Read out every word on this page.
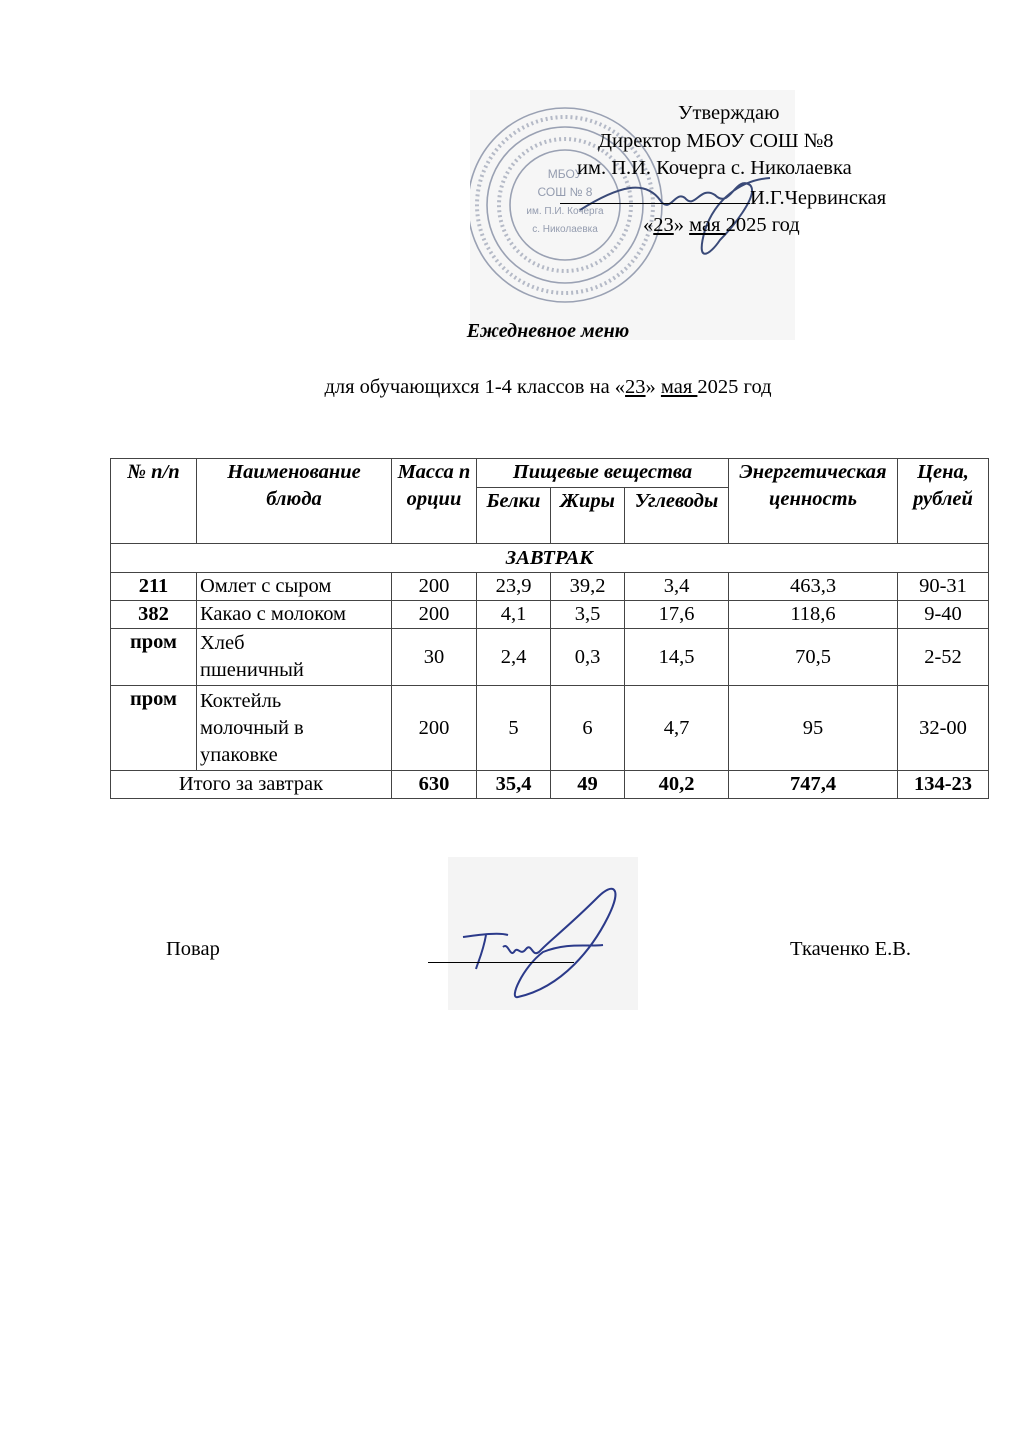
МБОУ
СОШ № 8
им. П.И. Кочерга
с. Николаевка
Утверждаю
Директор МБОУ СОШ №8
им. П.И. Кочерга с. Николаевка
И.Г.Червинская
«23» мая 2025 год
Ежедневное меню
для обучающихся 1-4 классов на «23» мая 2025 год
№ п/п	Наименование блюда	Масса порции	Пищевые вещества			Энергетическая ценность	Цена, рублей
			Белки	Жиры	Углеводы		
ЗАВТРАК							
211	Омлет с сыром	200	23,9	39,2	3,4	463,3	90-31
382	Какао с молоком	200	4,1	3,5	17,6	118,6	9-40
пром	Хлеб пшеничный	30	2,4	0,3	14,5	70,5	2-52
пром	Коктейль молочный в упаковке	200	5	6	4,7	95	32-00
Итого за завтрак		630	35,4	49	40,2	747,4	134-23
Повар	Ткаченко Е.В.
